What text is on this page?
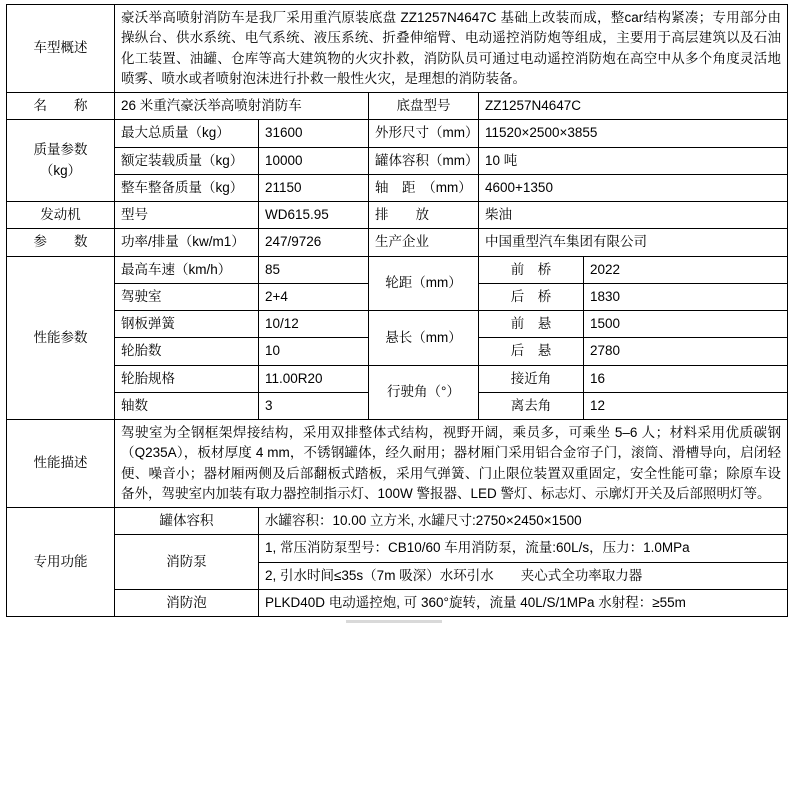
车型概述	豪沃举高喷射消防车是我厂采用重汽原装底盘 ZZ1257N4647C 基础上改装而成，整car结构紧凑；专用部分由操纵台、供水系统、电气系统、液压系统、折叠伸缩臂、电动遥控消防炮等组成，主要用于高层建筑以及石油化工装置、油罐、仓库等高大建筑物的火灾扑救，消防队员可通过电动遥控消防炮在高空中从多个角度灵活地喷雾、喷水或者喷射泡沫进行扑救一般性火灾，是理想的消防装备。				
名　　称	26 米重汽豪沃举高喷射消防车		底盘型号	ZZ1257N4647C	

质量参数
（kg）	最大总质量（kg）	31600	外形尺寸（mm）	11520×2500×3855	
	额定装载质量（kg）	10000	罐体容积（mm）	10 吨	
	整车整备质量（kg）	21150	轴　距　（mm）	4600+1350	
发动机	型号	WD615.95	排　　放	柴油	
参　　数	功率/排量（kw/m1）	247/9726	生产企业	中国重型汽车集团有限公司	
性能参数	最高车速（km/h）	85	轮距（mm）	前　桥	2022
	驾驶室	2+4		后　桥	1830
	钢板弹簧	10/12	悬长（mm）	前　悬	1500
	轮胎数	10		后　悬	2780
	轮胎规格	11.00R20	行驶角（°）	接近角	16
	轴数	3		离去角	12
性能描述	驾驶室为全钢框架焊接结构，采用双排整体式结构，视野开阔，乘员多，可乘坐 5–6 人；材料采用优质碳钢（Q235A），板材厚度 4 mm，不锈钢罐体，经久耐用；器材厢门采用铝合金帘子门，滚筒、滑槽导向，启闭轻便、噪音小；器材厢两侧及后部翻板式踏板，采用气弹簧、门止限位装置双重固定，安全性能可靠；除原车设备外，驾驶室内加装有取力器控制指示灯、100W 警报器、LED 警灯、标志灯、示廓灯开关及后部照明灯等。				
专用功能	罐体容积	水罐容积：10.00 立方米, 水罐尺寸:2750×2450×1500			
	消防泵	1, 常压消防泵型号：CB10/60 车用消防泵，流量:60L/s，压力：1.0MPa			
		2, 引水时间≤35s（7m 吸深）水环引水　　夹心式全功率取力器			
	消防泡	PLKD40D 电动遥控炮, 可 360°旋转，流量 40L/S/1MPa 水射程：≥55m			
